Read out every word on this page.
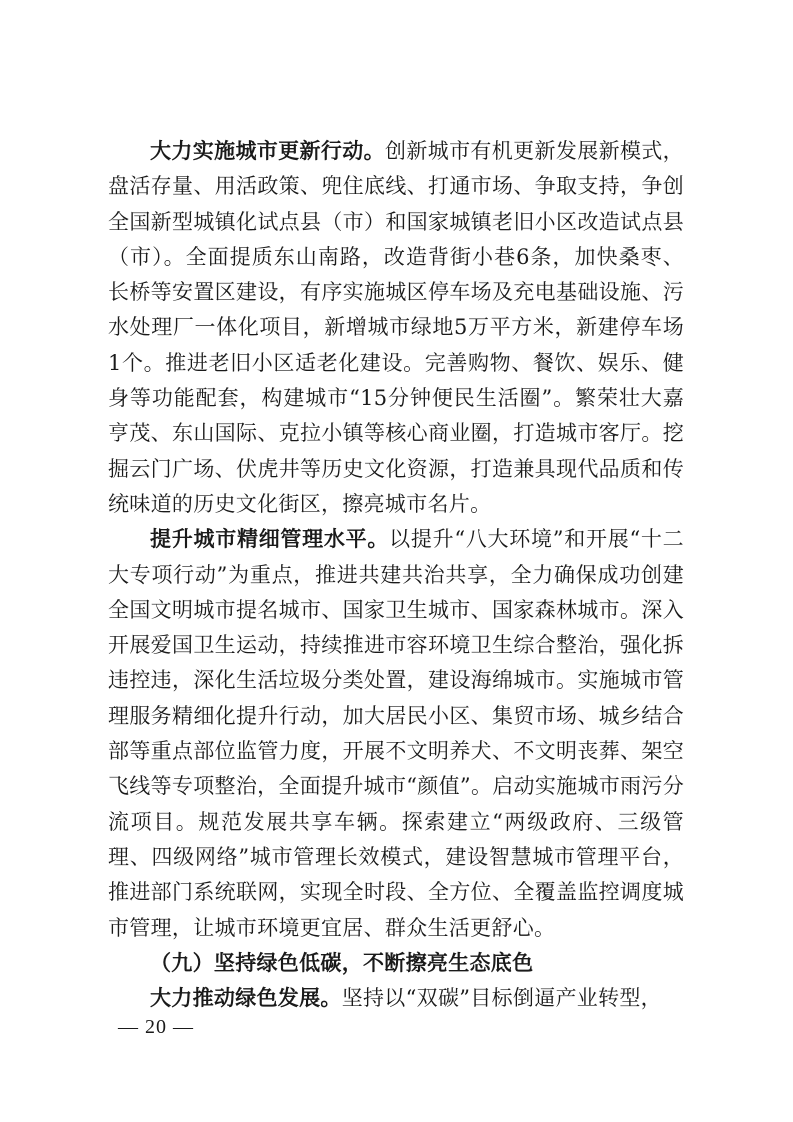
大力实施城市更新行动。创新城市有机更新发展新模式，盘活存量、用活政策、兜住底线、打通市场、争取支持，争创全国新型城镇化试点县（市）和国家城镇老旧小区改造试点县（市）。全面提质东山南路，改造背街小巷6条，加快桑枣、长桥等安置区建设，有序实施城区停车场及充电基础设施、污水处理厂一体化项目，新增城市绿地5万平方米，新建停车场1个。推进老旧小区适老化建设。完善购物、餐饮、娱乐、健身等功能配套，构建城市“15分钟便民生活圈”。繁荣壮大嘉亨茂、东山国际、克拉小镇等核心商业圈，打造城市客厅。挖掘云门广场、伏虎井等历史文化资源，打造兼具现代品质和传统味道的历史文化街区，擦亮城市名片。

提升城市精细管理水平。以提升“八大环境”和开展“十二大专项行动”为重点，推进共建共治共享，全力确保成功创建全国文明城市提名城市、国家卫生城市、国家森林城市。深入开展爱国卫生运动，持续推进市容环境卫生综合整治，强化拆违控违，深化生活垃圾分类处置，建设海绵城市。实施城市管理服务精细化提升行动，加大居民小区、集贸市场、城乡结合部等重点部位监管力度，开展不文明养犬、不文明丧葬、架空飞线等专项整治，全面提升城市“颜值”。启动实施城市雨污分流项目。规范发展共享车辆。探索建立“两级政府、三级管理、四级网络”城市管理长效模式，建设智慧城市管理平台，推进部门系统联网，实现全时段、全方位、全覆盖监控调度城市管理，让城市环境更宜居、群众生活更舒心。

（九）坚持绿色低碳，不断擦亮生态底色

大力推动绿色发展。坚持以“双碳”目标倒逼产业转型，

— 20 —
